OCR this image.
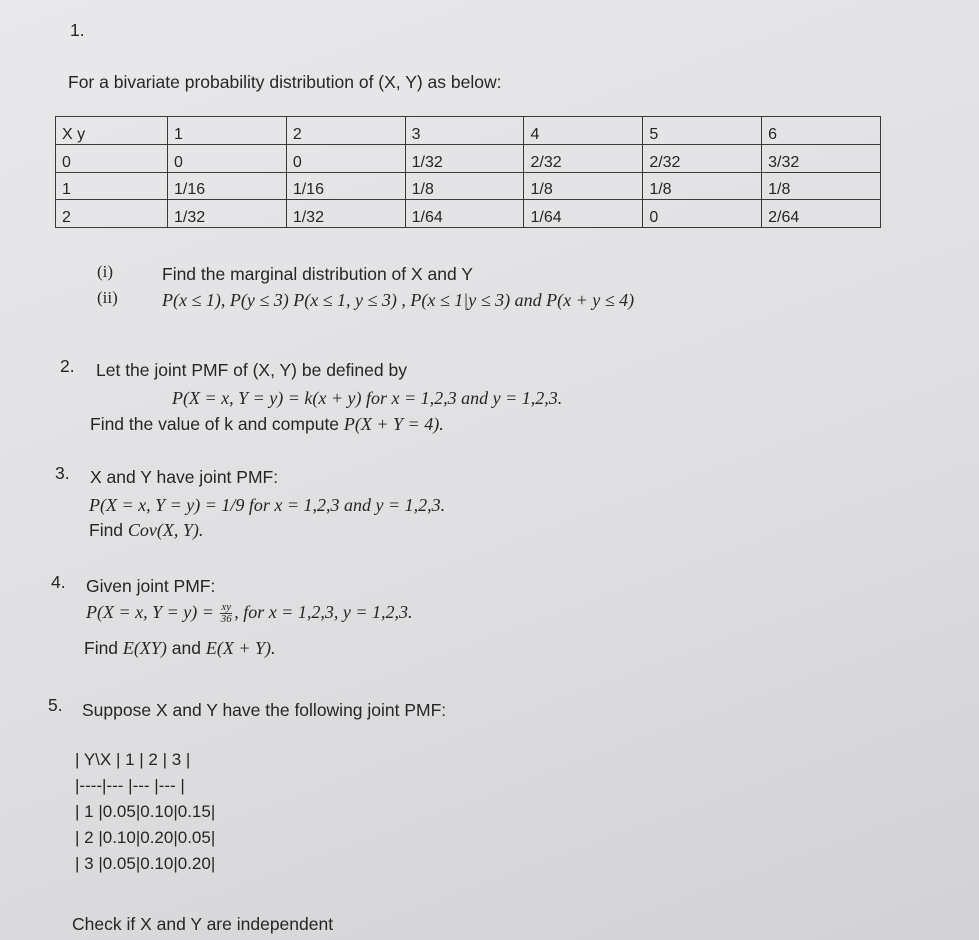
1.
For a bivariate probability distribution of (X, Y) as below:
X y	1	2	3	4	5	6
0	0	0	1/32	2/32	2/32	3/32
1	1/16	1/16	1/8	1/8	1/8	1/8
2	1/32	1/32	1/64	1/64	0	2/64
(i)	Find the marginal distribution of X and Y
(ii) P(x ≤ 1), P(y ≤ 3) P(x ≤ 1, y ≤ 3) , P(x ≤ 1|y ≤ 3) and P(x + y ≤ 4)
2. Let the joint PMF of (X, Y) be defined by
P(X = x, Y = y) = k(x + y) for x = 1,2,3 and y = 1,2,3.
Find the value of k and compute P(X + Y = 4).
3. X and Y have joint PMF:
P(X = x, Y = y) = 1/9 for x = 1,2,3 and y = 1,2,3.
Find Cov(X, Y).
4. Given joint PMF:
P(X = x, $Y = y) = \frac{xy}{36}$ , for x = 1,2,3, y = 1,2,3.
Find E(XY) and E(X + Y).
5. Suppose X and Y have the following joint PMF:
| Y\X | 1 | 2 | 3 |
|----|--- |--- |--- |
| 1 |0.05|0.10|0.15|
| 2 |0.10|0.20|0.05|
| 3 |0.05|0.10|0.20|
Check if X and Y are independent
